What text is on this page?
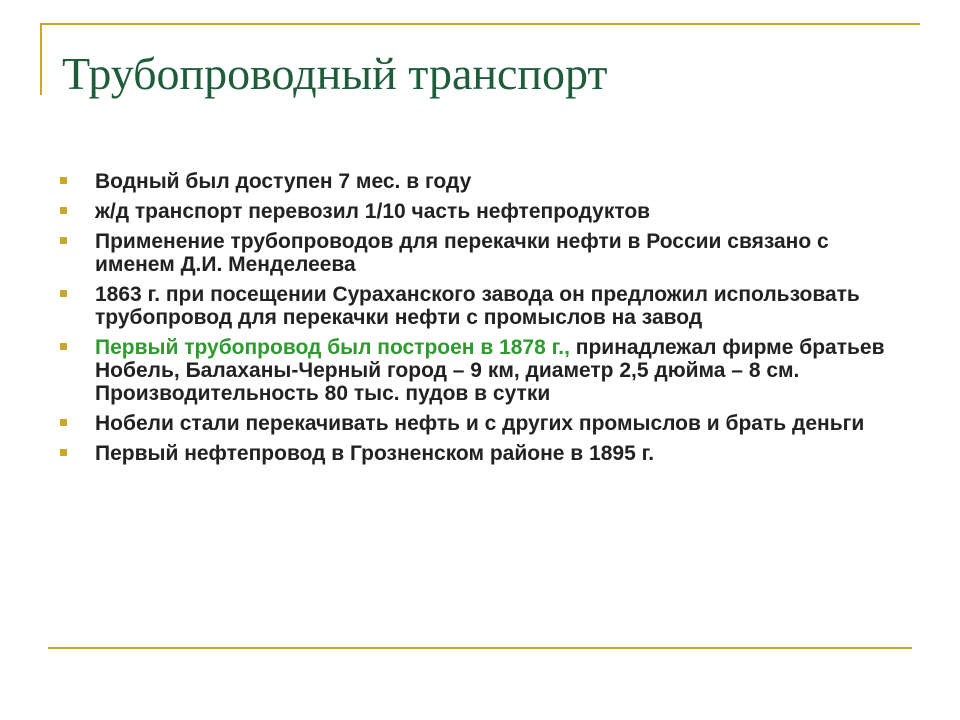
Трубопроводный транспорт
Водный был доступен 7 мес. в году
ж/д транспорт перевозил 1/10 часть нефтепродуктов
Применение трубопроводов для перекачки нефти в России связано с именем Д.И. Менделеева
1863 г. при посещении Сураханского завода он предложил использовать трубопровод для перекачки нефти с промыслов на завод
Первый трубопровод был построен в 1878 г., принадлежал фирме братьев Нобель, Балаханы-Черный город – 9 км, диаметр 2,5 дюйма – 8 см. Производительность 80 тыс. пудов в сутки
Нобели стали перекачивать нефть и с других промыслов и брать деньги
Первый нефтепровод в Грозненском районе в 1895 г.
